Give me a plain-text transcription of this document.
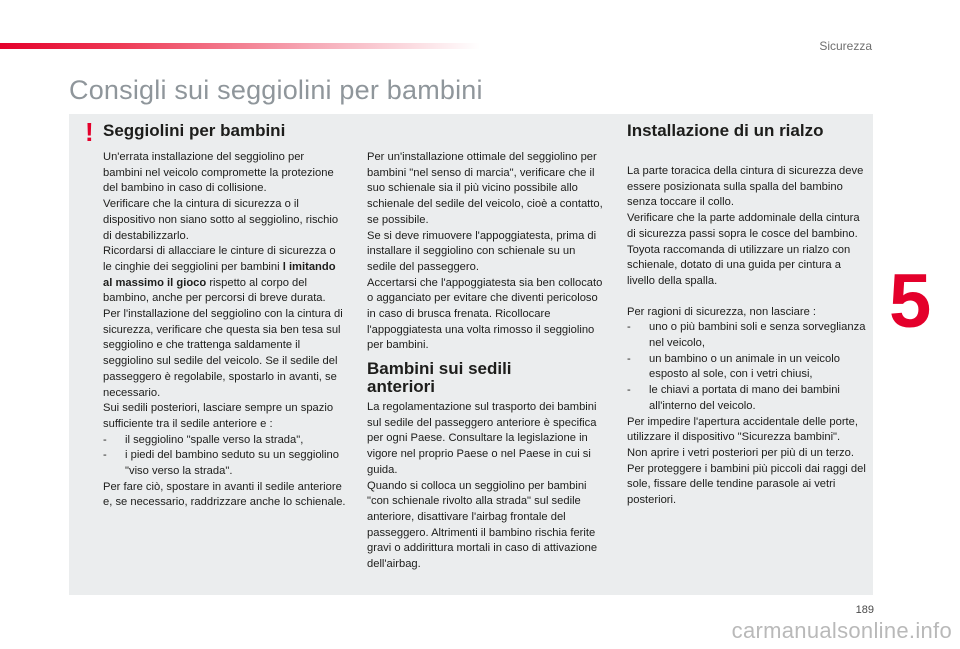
Sicurezza
Consigli sui seggiolini per bambini
! Seggiolini per bambini	Installazione di un rialzo

Un'errata installazione del seggiolino per bambini nel veicolo compromette la protezione del bambino in caso di collisione.

Verificare che la cintura di sicurezza o il dispositivo non siano sotto al seggiolino, rischio di destabilizzarlo.

Ricordarsi di allacciare le cinture di sicurezza o le cinghie dei seggiolini per bambini l imitando al massimo il gioco rispetto al corpo del bambino, anche per percorsi di breve durata.

Per l'installazione del seggiolino con la cintura di sicurezza, verificare che questa sia ben tesa sul seggiolino e che trattenga saldamente il seggiolino sul sedile del veicolo. Se il sedile del passeggero è regolabile, spostarlo in avanti, se necessario.

Sui sedili posteriori, lasciare sempre un spazio sufficiente tra il sedile anteriore e :

-	il seggiolino "spalle verso la strada",
-	i piedi del bambino seduto su un seggiolino "viso verso la strada".

Per fare ciò, spostare in avanti il sedile anteriore e, se necessario, raddrizzare anche lo schienale.

Per un'installazione ottimale del seggiolino per bambini "nel senso di marcia", verificare che il suo schienale sia il più vicino possibile allo schienale del sedile del veicolo, cioè a contatto, se possibile.

Se si deve rimuovere l'appoggiatesta, prima di installare il seggiolino con schienale su un sedile del passeggero.

Accertarsi che l'appoggiatesta sia ben collocato o agganciato per evitare che diventi pericoloso in caso di brusca frenata. Ricollocare l'appoggiatesta una volta rimosso il seggiolino per bambini.

Bambini sui sedili
anteriori

La regolamentazione sul trasporto dei bambini sul sedile del passeggero anteriore è specifica per ogni Paese. Consultare la legislazione in vigore nel proprio Paese o nel Paese in cui si guida.

Quando si colloca un seggiolino per bambini "con schienale rivolto alla strada" sul sedile anteriore, disattivare l'airbag frontale del passeggero. Altrimenti il bambino rischia ferite gravi o addirittura mortali in caso di attivazione dell'airbag.

La parte toracica della cintura di sicurezza deve essere posizionata sulla spalla del bambino senza toccare il collo.

Verificare che la parte addominale della cintura di sicurezza passi sopra le cosce del bambino.

Toyota raccomanda di utilizzare un rialzo con schienale, dotato di una guida per cintura a livello della spalla.

Per ragioni di sicurezza, non lasciare :

-	uno o più bambini soli e senza sorveglianza nel veicolo,
-	un bambino o un animale in un veicolo esposto al sole, con i vetri chiusi,
-	le chiavi a portata di mano dei bambini all'interno del veicolo.

Per impedire l'apertura accidentale delle porte, utilizzare il dispositivo "Sicurezza bambini".

Non aprire i vetri posteriori per più di un terzo.

Per proteggere i bambini più piccoli dai raggi del sole, fissare delle tendine parasole ai vetri posteriori.

5
189
carmanualsonline.info
